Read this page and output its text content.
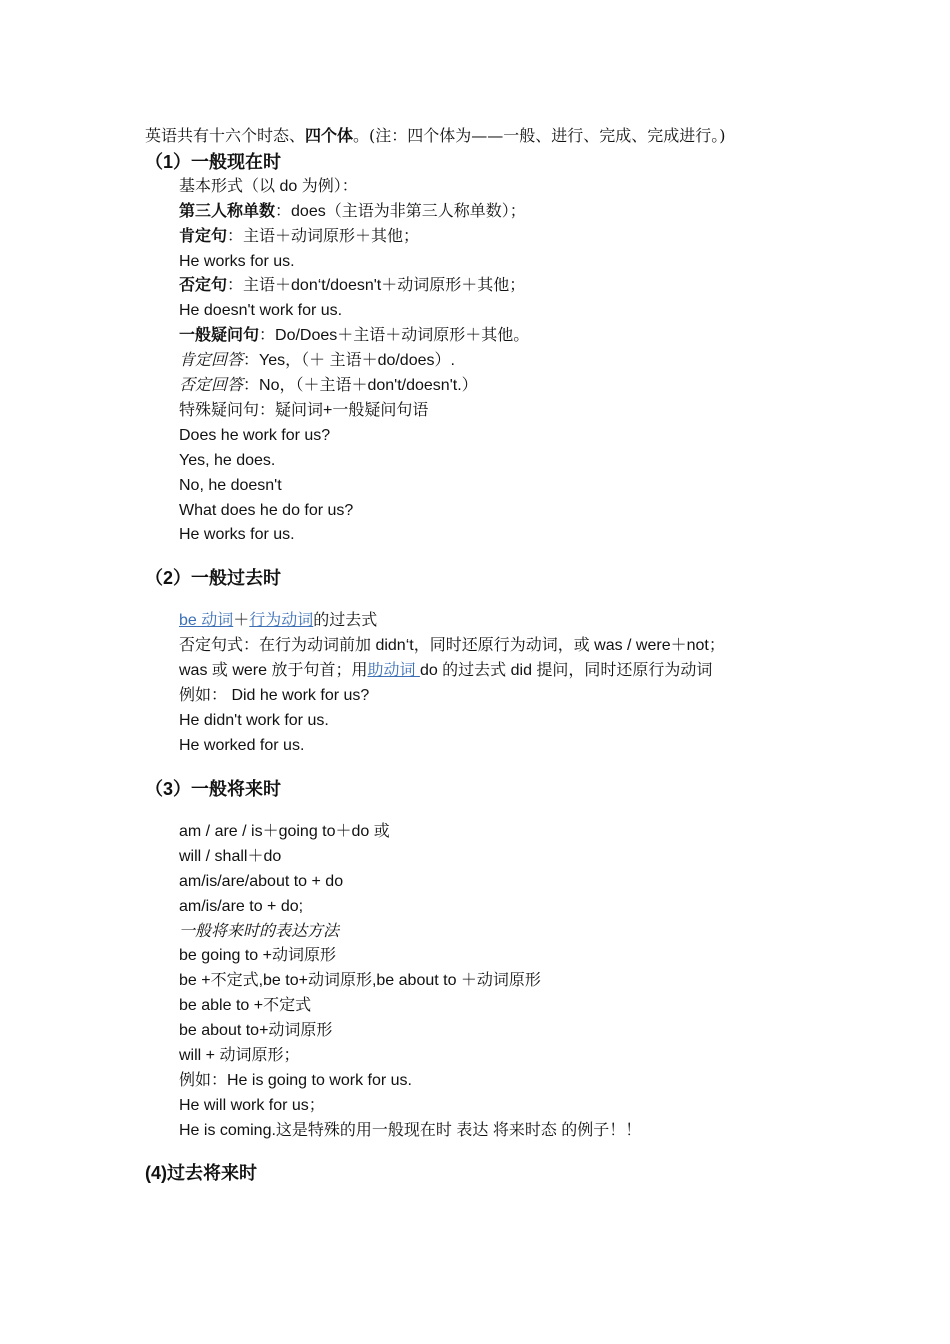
英语共有十六个时态、四个体。(注：四个体为——一般、进行、完成、完成进行。)
（1）一般现在时
基本形式（以 do 为例）：
第三人称单数：does（主语为非第三人称单数）；
肯定句：主语＋动词原形＋其他；
He works for us.
否定句：主语＋don‘t/doesn't＋动词原形＋其他；
He doesn't work for us.
一般疑问句：Do/Does＋主语＋动词原形＋其他。
肯定回答：Yes，（＋ 主语＋do/does）.
否定回答：No，（＋主语＋don't/doesn't.）
特殊疑问句：疑问词+一般疑问句语
Does he work for us?
Yes, he does.
No, he doesn't
What does he do for us?
He works for us.
（2）一般过去时
be 动词＋行为动词的过去式
否定句式：在行为动词前加 didn‘t，同时还原行为动词，或 was / were＋not；
was 或 were 放于句首；用助动词 do 的过去式 did 提问，同时还原行为动词
例如： Did he work for us?
He didn't work for us.
He worked for us.
（3）一般将来时
am / are / is＋going to＋do 或
will / shall＋do
am/is/are/about to + do
am/is/are to + do;
一般将来时的表达方法
be going to +动词原形
be +不定式,be to+动词原形,be about to ＋动词原形
be able to +不定式
be about to+动词原形
will + 动词原形；
例如：He is going to work for us.
He will work for us；
He is coming.这是特殊的用一般现在时 表达 将来时态 的例子！！
(4)过去将来时
